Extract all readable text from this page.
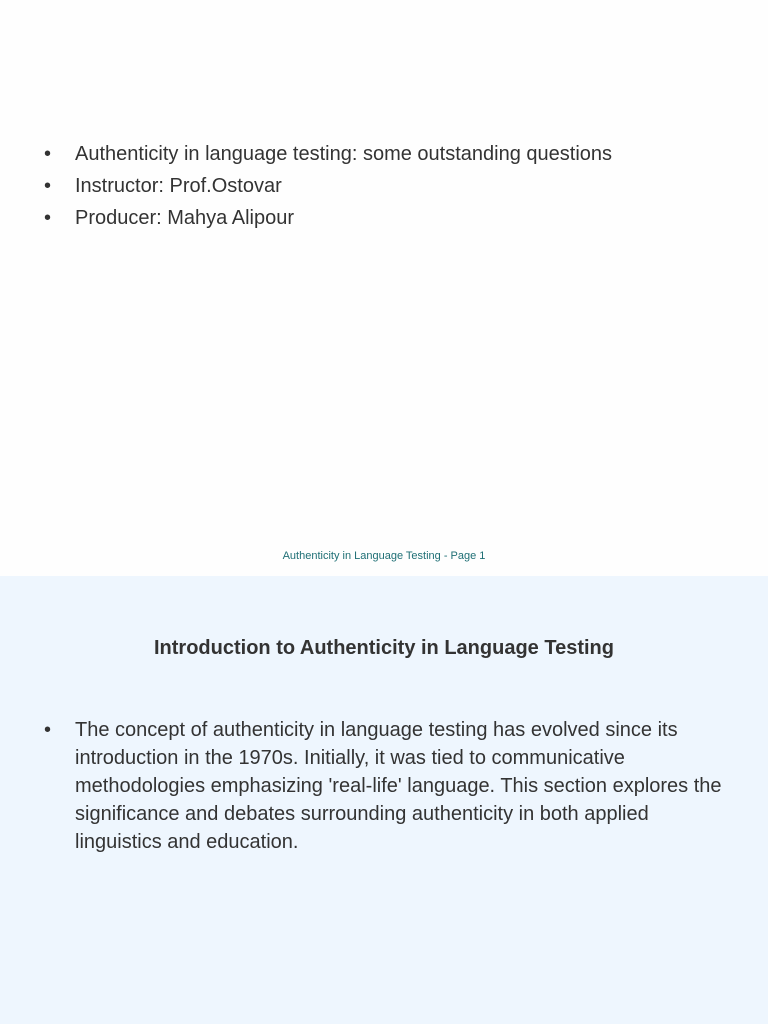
•	Authenticity in language testing: some outstanding questions
•	Instructor: Prof.Ostovar
•	Producer: Mahya Alipour
Authenticity in Language Testing - Page 1
Introduction to Authenticity in Language Testing
•	The concept of authenticity in language testing has evolved since its introduction in the 1970s. Initially, it was tied to communicative methodologies emphasizing 'real-life' language. This section explores the significance and debates surrounding authenticity in both applied linguistics and education.
